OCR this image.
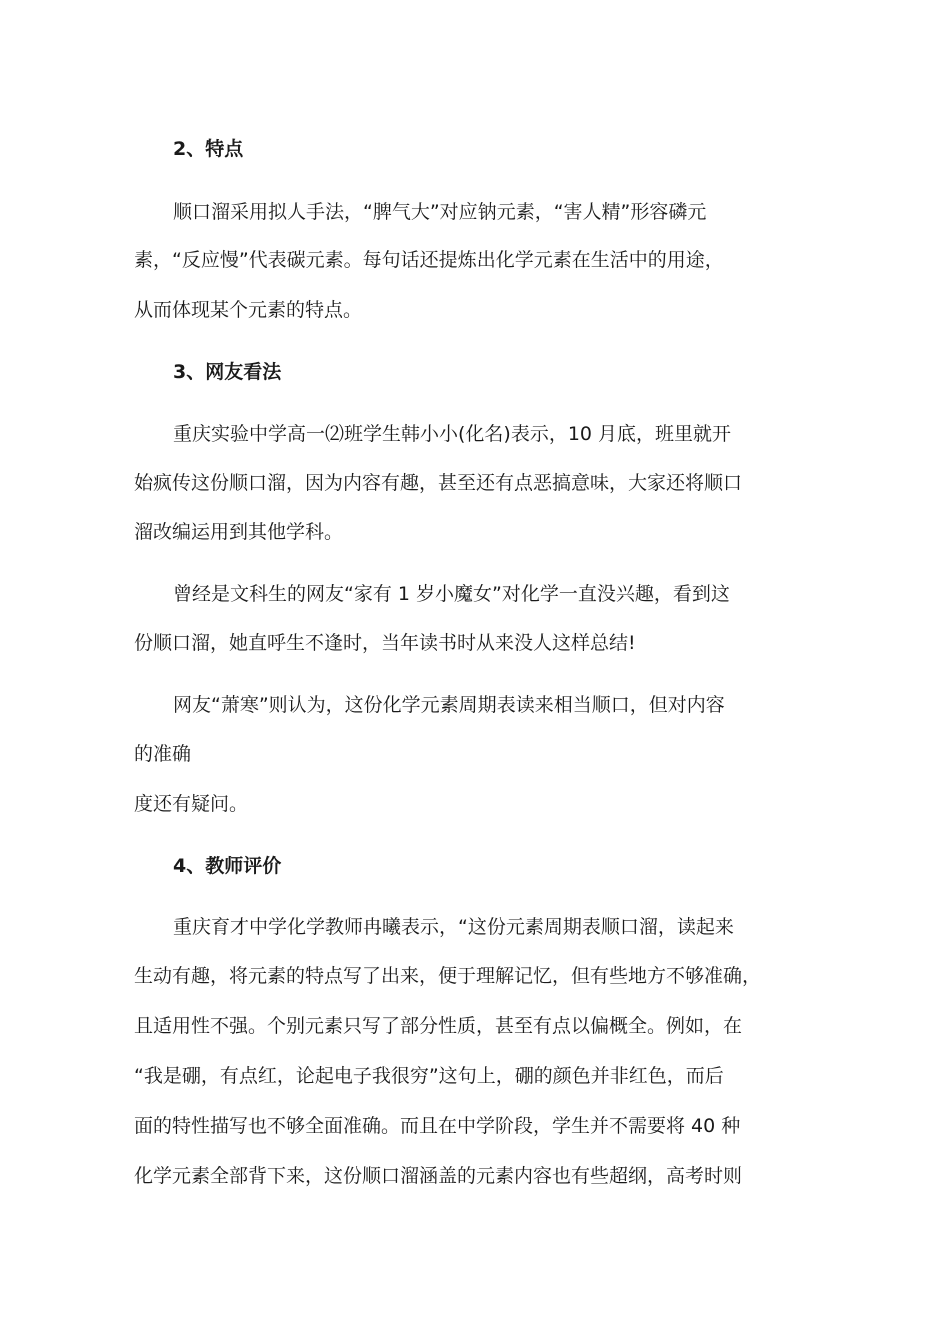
2、特点

顺口溜采用拟人手法，“脾气大”对应钠元素，“害人精”形容磷元

素，“反应慢”代表碳元素。每句话还提炼出化学元素在生活中的用途，

从而体现某个元素的特点。

3、网友看法

重庆实验中学高一⑵班学生韩小小(化名)表示，10 月底，班里就开

始疯传这份顺口溜，因为内容有趣，甚至还有点恶搞意味，大家还将顺口

溜改编运用到其他学科。

曾经是文科生的网友“家有 1 岁小魔女”对化学一直没兴趣，看到这

份顺口溜，她直呼生不逢时，当年读书时从来没人这样总结!

网友“萧寒”则认为，这份化学元素周期表读来相当顺口，但对内容

的准确

度还有疑问。

4、教师评价

重庆育才中学化学教师冉曦表示，“这份元素周期表顺口溜，读起来

生动有趣，将元素的特点写了出来，便于理解记忆，但有些地方不够准确，

且适用性不强。个别元素只写了部分性质，甚至有点以偏概全。例如，在

“我是硼，有点红，论起电子我很穷”这句上，硼的颜色并非红色，而后

面的特性描写也不够全面准确。而且在中学阶段，学生并不需要将 40 种

化学元素全部背下来，这份顺口溜涵盖的元素内容也有些超纲，高考时则
